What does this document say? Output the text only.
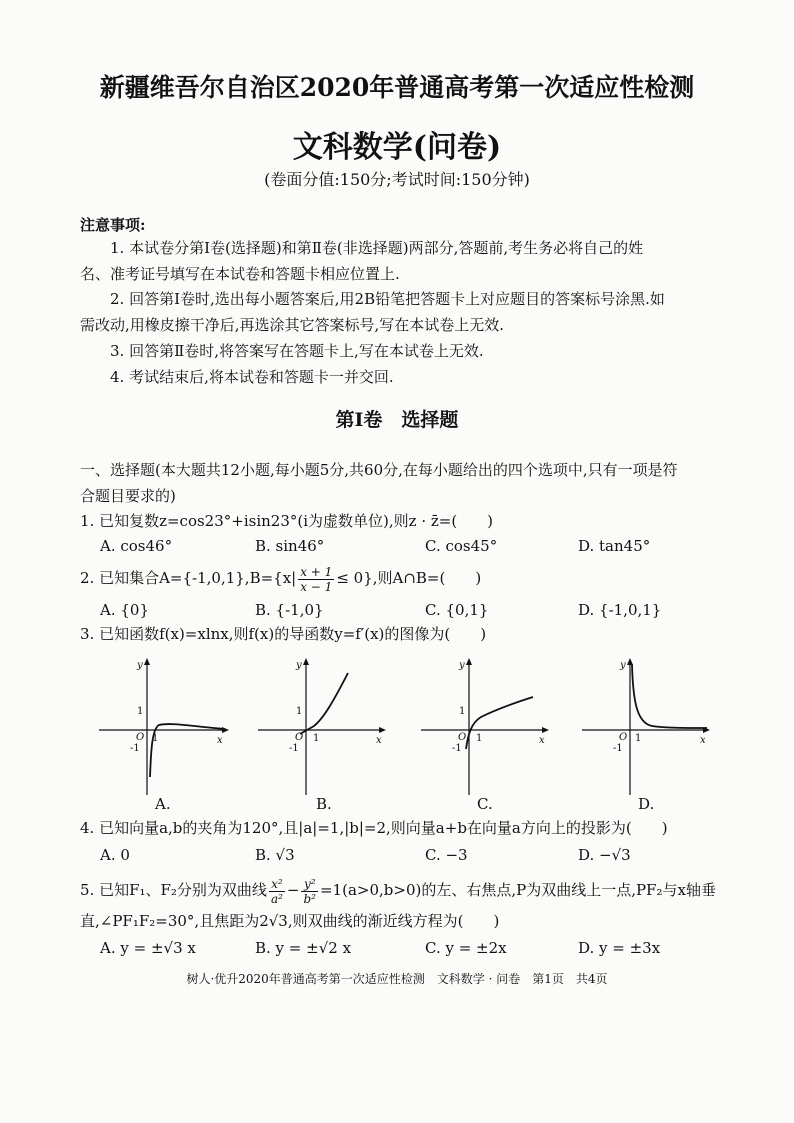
新疆维吾尔自治区2020年普通高考第一次适应性检测
文科数学(问卷)
(卷面分值:150分;考试时间:150分钟)
注意事项:
1. 本试卷分第Ⅰ卷(选择题)和第Ⅱ卷(非选择题)两部分,答题前,考生务必将自己的姓
名、准考证号填写在本试卷和答题卡相应位置上.
2. 回答第Ⅰ卷时,选出每小题答案后,用2B铅笔把答题卡上对应题目的答案标号涂黑.如
需改动,用橡皮擦干净后,再选涂其它答案标号,写在本试卷上无效.
3. 回答第Ⅱ卷时,将答案写在答题卡上,写在本试卷上无效.
4. 考试结束后,将本试卷和答题卡一并交回.
第Ⅰ卷　选择题
一、选择题(本大题共12小题,每小题5分,共60分,在每小题给出的四个选项中,只有一项是符
合题目要求的)
1. 已知复数z=cos23°+isin23°(i为虚数单位),则z · z̄=(　　)
A. cos46°	B. sin46°	C. cos45°	D. tan45°
2. 已知集合$A=\{-1,0,1\},B=\{x| \frac{x + 1}{x - 1} \le 0\}$,则A∩B=(　　)
A. {0}	B. {-1,0}	C. {0,1}	D. {-1,0,1}
3. 已知函数f(x)=xlnx,则f(x)的导函数y=f′(x)的图像为(　　)
y
1
O
-1
1	x
y
1
O
-1
1	x
y
1
O
-1
1	x
y
O
-1
1	x
A.	B.	C.	D.
4. 已知向量a,b的夹角为120°,且|a|=1,|b|=2,则向量a+b在向量a方向上的投影为(　　)
A. 0	B. √3	C. −3	D. −√3
5. 已知F₁、F₂分别为双曲线 $\frac{\text{x²}}{\text{a²}} - \frac{\text{y²}}{\text{b²}} =1(a>0,b>0)$的左、右焦点,P为双曲线上一点,PF₂与x轴垂
直,∠PF₁F₂=30°,且焦距为2√3,则双曲线的渐近线方程为(　　)
A. y = ±√3 x	B. y = ±√2 x	C. y = ±2x	D. y = ±3x
树人·优升2020年普通高考第一次适应性检测　文科数学 · 问卷　第1页　共4页
